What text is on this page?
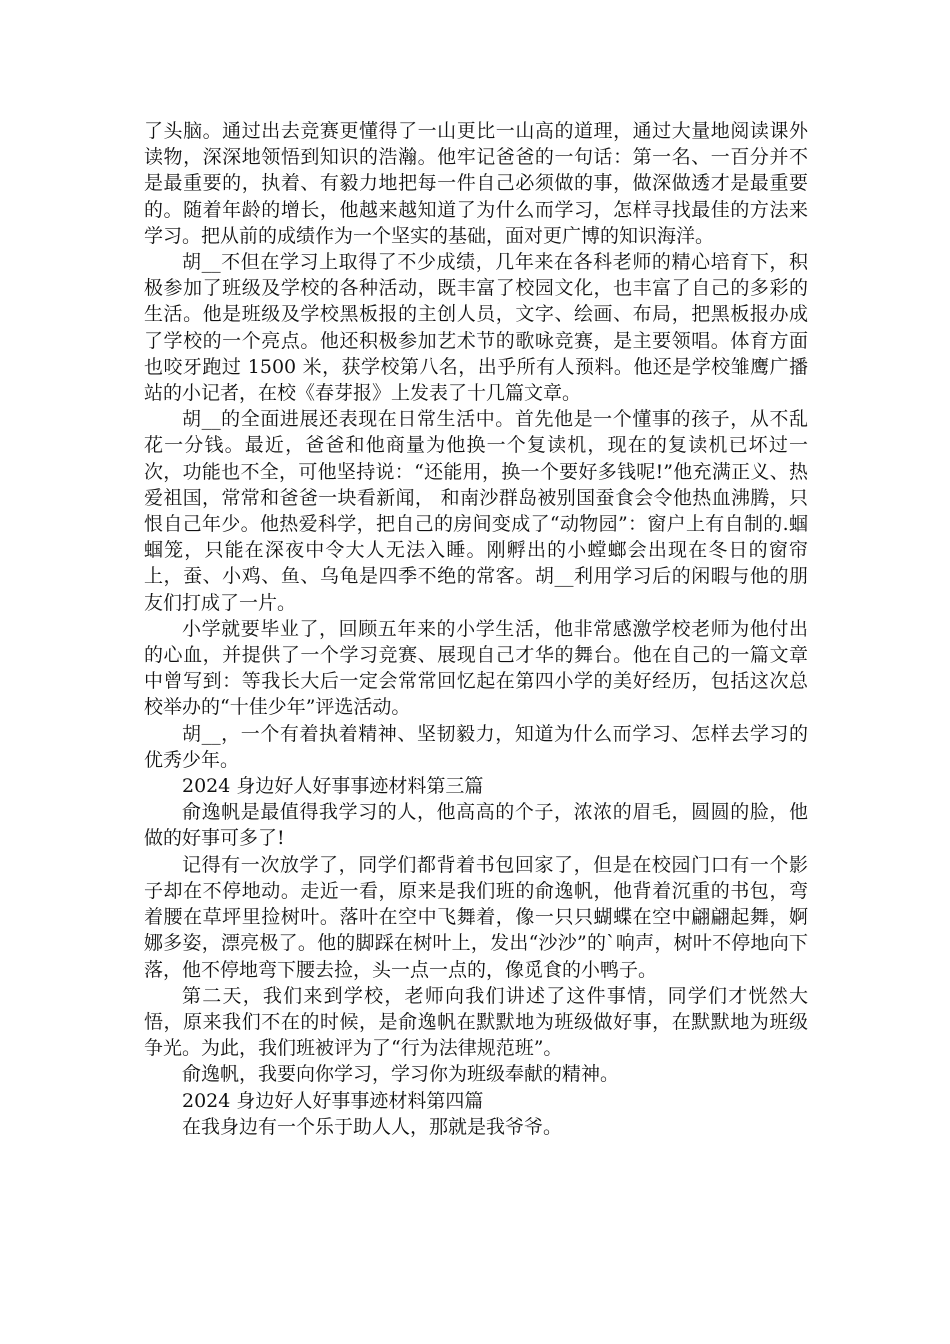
了头脑。通过出去竞赛更懂得了一山更比一山高的道理，通过大量地阅读课外读物，深深地领悟到知识的浩瀚。他牢记爸爸的一句话：第一名、一百分并不是最重要的，执着、有毅力地把每一件自己必须做的事，做深做透才是最重要的。随着年龄的增长，他越来越知道了为什么而学习，怎样寻找最佳的方法来学习。把从前的成绩作为一个坚实的基础，面对更广博的知识海洋。

胡__不但在学习上取得了不少成绩，几年来在各科老师的精心培育下，积极参加了班级及学校的各种活动，既丰富了校园文化，也丰富了自己的多彩的生活。他是班级及学校黑板报的主创人员，文字、绘画、布局，把黑板报办成了学校的一个亮点。他还积极参加艺术节的歌咏竞赛，是主要领唱。体育方面也咬牙跑过 1500 米，获学校第八名，出乎所有人预料。他还是学校雏鹰广播站的小记者，在校《春芽报》上发表了十几篇文章。

胡__的全面进展还表现在日常生活中。首先他是一个懂事的孩子，从不乱花一分钱。最近，爸爸和他商量为他换一个复读机，现在的复读机已坏过一次，功能也不全，可他坚持说：“还能用，换一个要好多钱呢!”他充满正义、热爱祖国，常常和爸爸一块看新闻， 和南沙群岛被别国蚕食会令他热血沸腾，只恨自己年少。他热爱科学，把自己的房间变成了“动物园”：窗户上有自制的.蝈蝈笼，只能在深夜中令大人无法入睡。刚孵出的小螳螂会出现在冬日的窗帘上，蚕、小鸡、鱼、乌龟是四季不绝的常客。胡__利用学习后的闲暇与他的朋友们打成了一片。

小学就要毕业了，回顾五年来的小学生活，他非常感激学校老师为他付出的心血，并提供了一个学习竞赛、展现自己才华的舞台。他在自己的一篇文章中曾写到：等我长大后一定会常常回忆起在第四小学的美好经历，包括这次总校举办的“十佳少年”评选活动。

胡__，一个有着执着精神、坚韧毅力，知道为什么而学习、怎样去学习的优秀少年。

2024 身边好人好事事迹材料第三篇

俞逸帆是最值得我学习的人，他高高的个子，浓浓的眉毛，圆圆的脸，他做的好事可多了!

记得有一次放学了，同学们都背着书包回家了，但是在校园门口有一个影子却在不停地动。走近一看，原来是我们班的俞逸帆，他背着沉重的书包，弯着腰在草坪里捡树叶。落叶在空中飞舞着，像一只只蝴蝶在空中翩翩起舞，婀娜多姿，漂亮极了。他的脚踩在树叶上，发出“沙沙”的`响声，树叶不停地向下落，他不停地弯下腰去捡，头一点一点的，像觅食的小鸭子。

第二天，我们来到学校，老师向我们讲述了这件事情，同学们才恍然大悟，原来我们不在的时候，是俞逸帆在默默地为班级做好事，在默默地为班级争光。为此，我们班被评为了“行为法律规范班”。

俞逸帆，我要向你学习，学习你为班级奉献的精神。

2024 身边好人好事事迹材料第四篇

在我身边有一个乐于助人人，那就是我爷爷。
